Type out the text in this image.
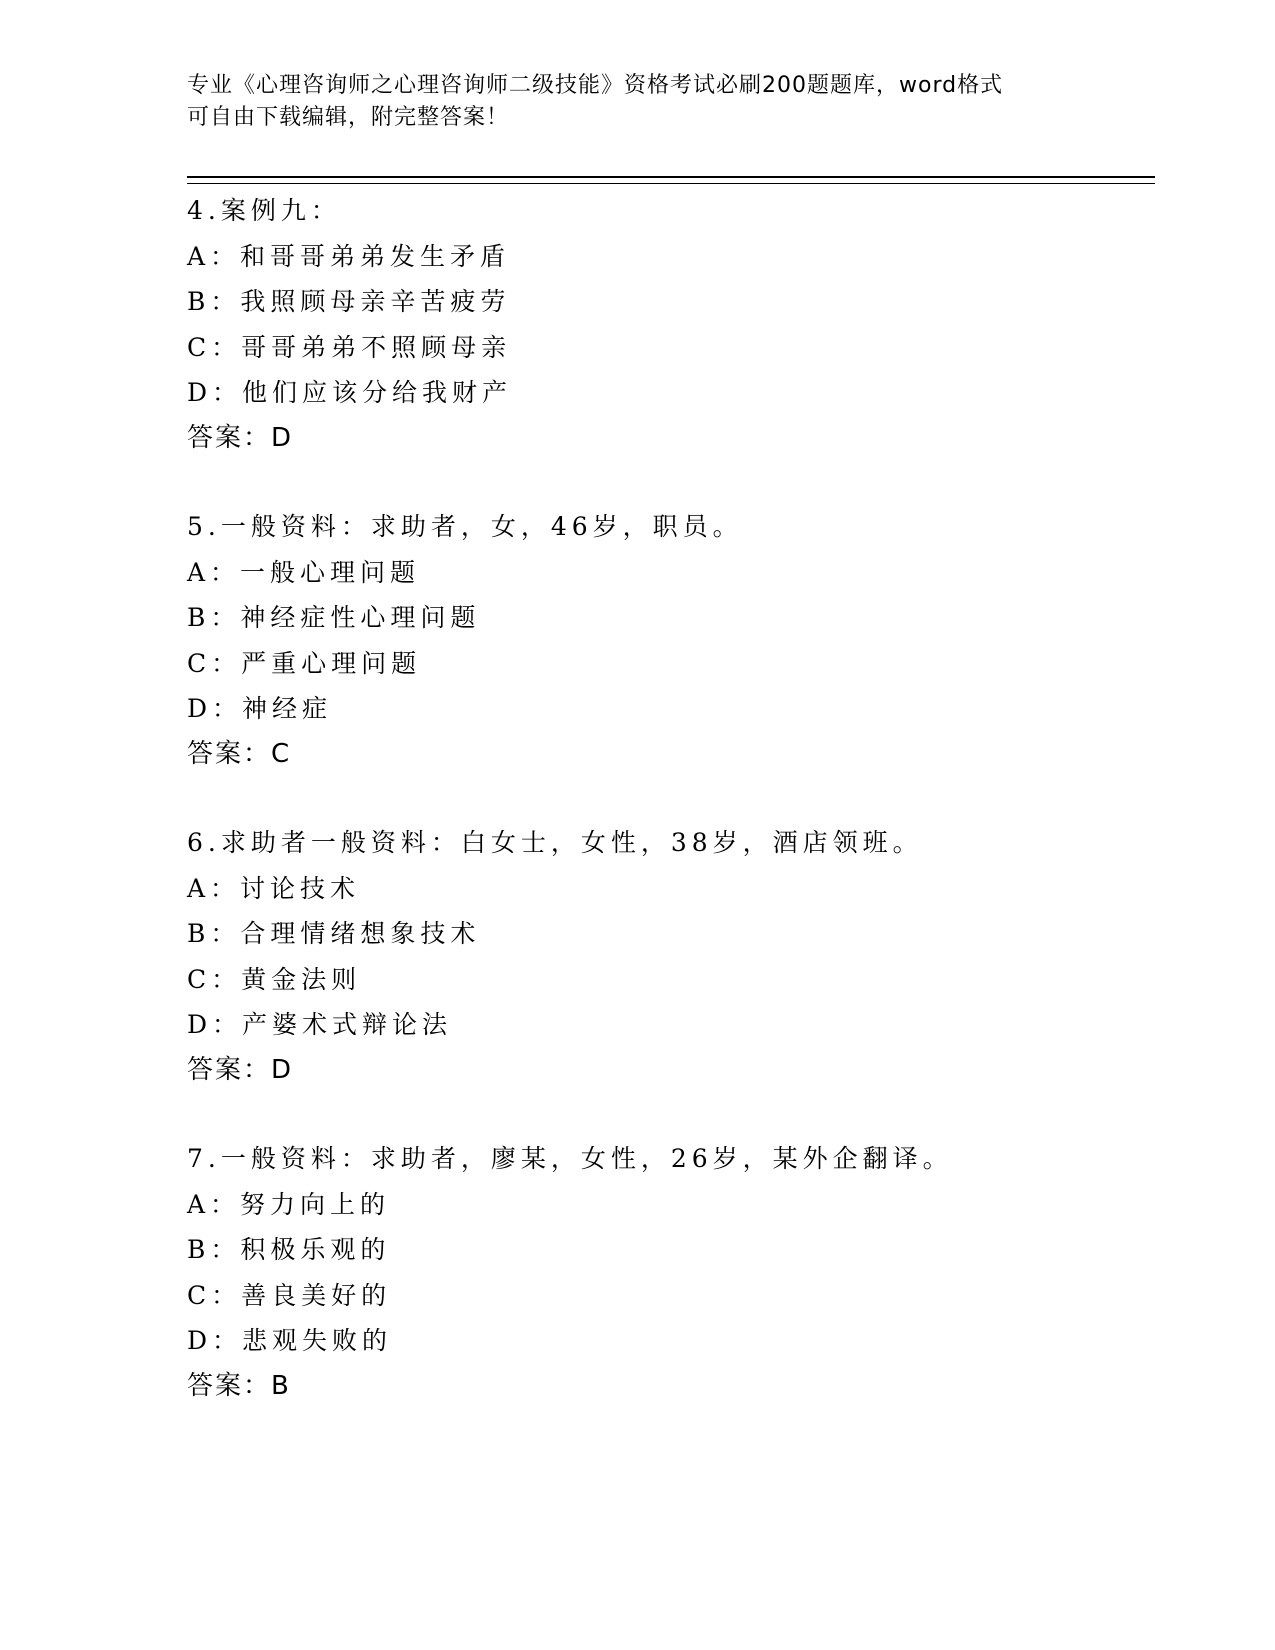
专业《心理咨询师之心理咨询师二级技能》资格考试必刷200题题库，word格式
可自由下载编辑，附完整答案！
4.案例九：
A：和哥哥弟弟发生矛盾
B：我照顾母亲辛苦疲劳
C：哥哥弟弟不照顾母亲
D：他们应该分给我财产
答案：D
5.一般资料：求助者，女，46岁，职员。
A：一般心理问题
B：神经症性心理问题
C：严重心理问题
D：神经症
答案：C
6.求助者一般资料：白女士，女性，38岁，酒店领班。
A：讨论技术
B：合理情绪想象技术
C：黄金法则
D：产婆术式辩论法
答案：D
7.一般资料：求助者，廖某，女性，26岁，某外企翻译。
A：努力向上的
B：积极乐观的
C：善良美好的
D：悲观失败的
答案：B
